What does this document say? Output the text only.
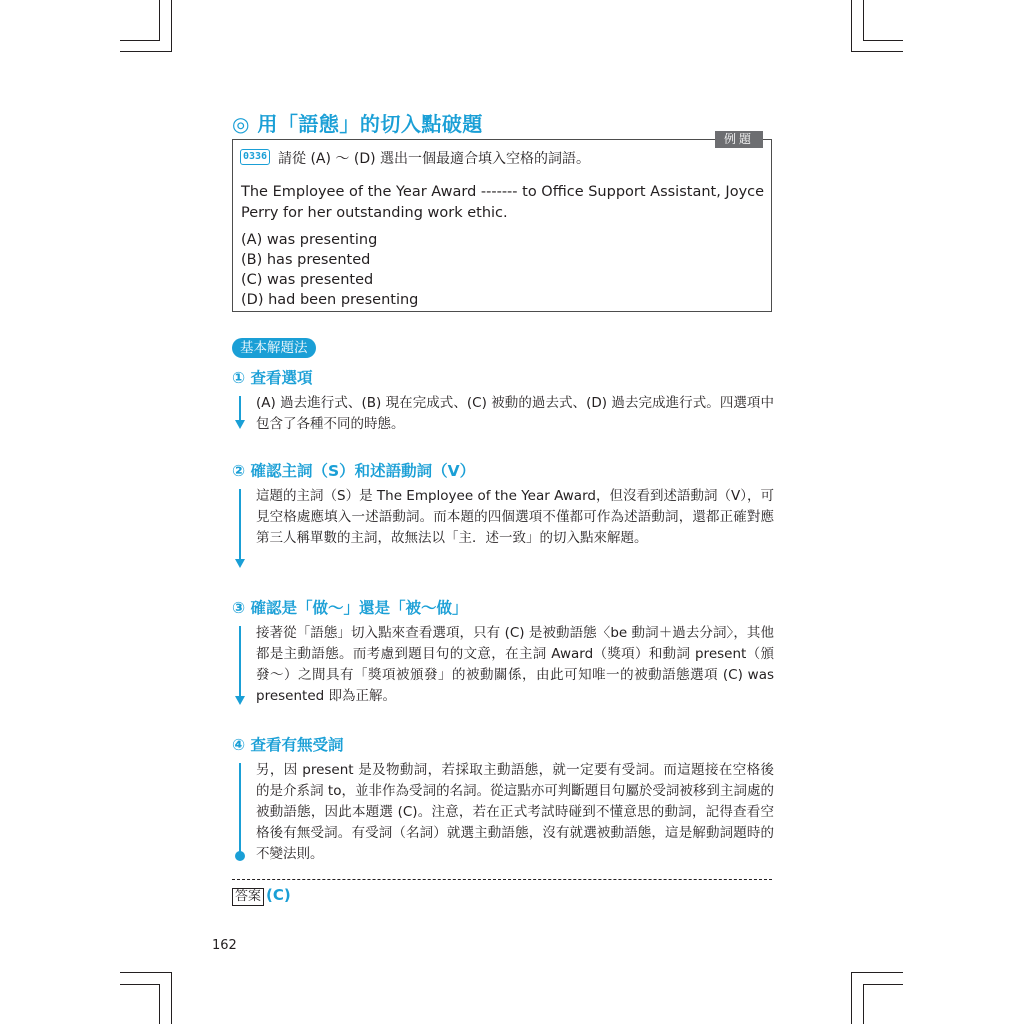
◎ 用「語態」的切入點破題
例題
0336 請從 (A) 〜 (D) 選出一個最適合填入空格的詞語。
The Employee of the Year Award ------- to Office Support Assistant, Joyce Perry for her outstanding work ethic.
(A) was presenting
(B) has presented
(C) was presented
(D) had been presenting
基本解題法
① 查看選項
(A) 過去進行式、(B) 現在完成式、(C) 被動的過去式、(D) 過去完成進行式。四選項中包含了各種不同的時態。
② 確認主詞（S）和述語動詞（V）
這題的主詞（S）是 The Employee of the Year Award，但沒看到述語動詞（V），可見空格處應填入一述語動詞。而本題的四個選項不僅都可作為述語動詞，還都正確對應第三人稱單數的主詞，故無法以「主．述一致」的切入點來解題。
③ 確認是「做〜」還是「被〜做」
接著從「語態」切入點來查看選項，只有 (C) 是被動語態〈be 動詞＋過去分詞〉，其他都是主動語態。而考慮到題目句的文意，在主詞 Award（獎項）和動詞 present（頒發〜）之間具有「獎項被頒發」的被動關係，由此可知唯一的被動語態選項 (C) was presented 即為正解。
④ 查看有無受詞
另，因 present 是及物動詞，若採取主動語態，就一定要有受詞。而這題接在空格後的是介系詞 to，並非作為受詞的名詞。從這點亦可判斷題目句屬於受詞被移到主詞處的被動語態，因此本題選 (C)。注意，若在正式考試時碰到不懂意思的動詞，記得查看空格後有無受詞。有受詞（名詞）就選主動語態，沒有就選被動語態，這是解動詞題時的不變法則。
答案 (C)
162
